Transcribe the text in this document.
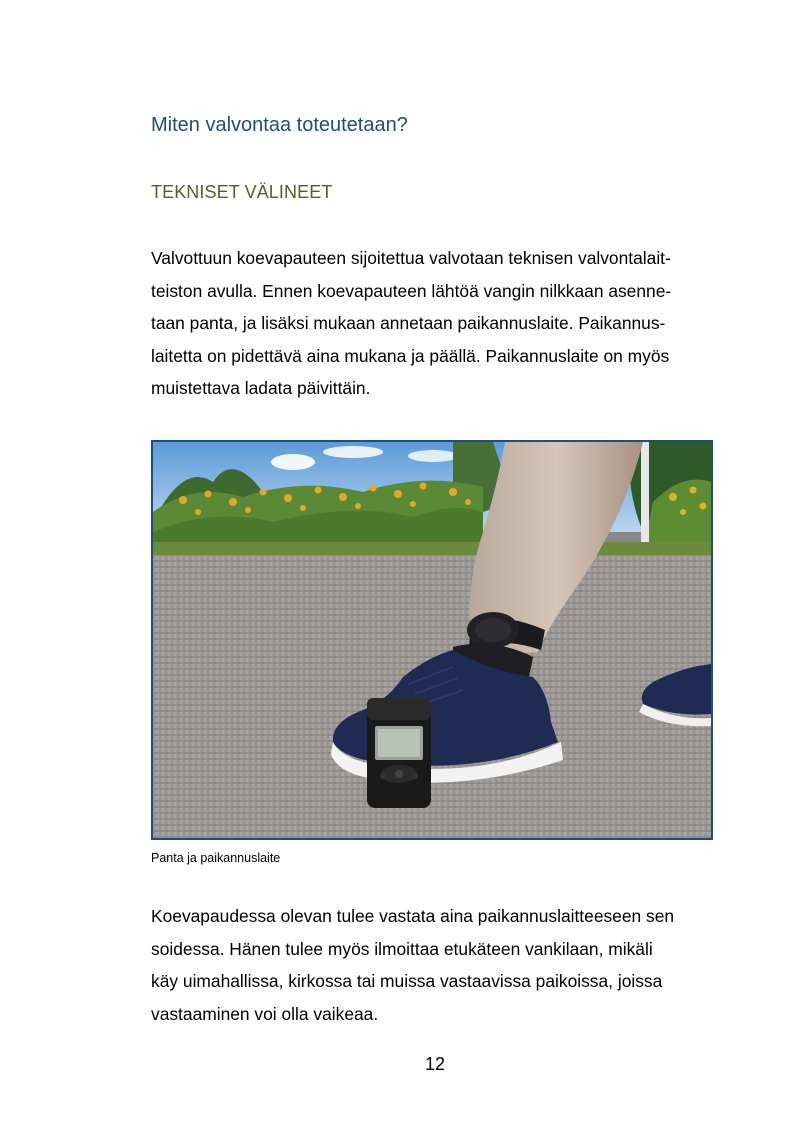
Miten valvontaa toteutetaan?
TEKNISET VÄLINEET

Valvottuun koevapauteen sijoitettua valvotaan teknisen valvontalait-
teiston avulla. Ennen koevapauteen lähtöä vangin nilkkaan asenne-
taan panta, ja lisäksi mukaan annetaan paikannuslaite. Paikannus-
laitetta on pidettävä aina mukana ja päällä. Paikannuslaite on myös
muistettava ladata päivittäin.

Panta ja paikannuslaite

Koevapaudessa olevan tulee vastata aina paikannuslaitteeseen sen
soidessa. Hänen tulee myös ilmoittaa etukäteen vankilaan, mikäli
käy uimahallissa, kirkossa tai muissa vastaavissa paikoissa, joissa
vastaaminen voi olla vaikeaa.

12
